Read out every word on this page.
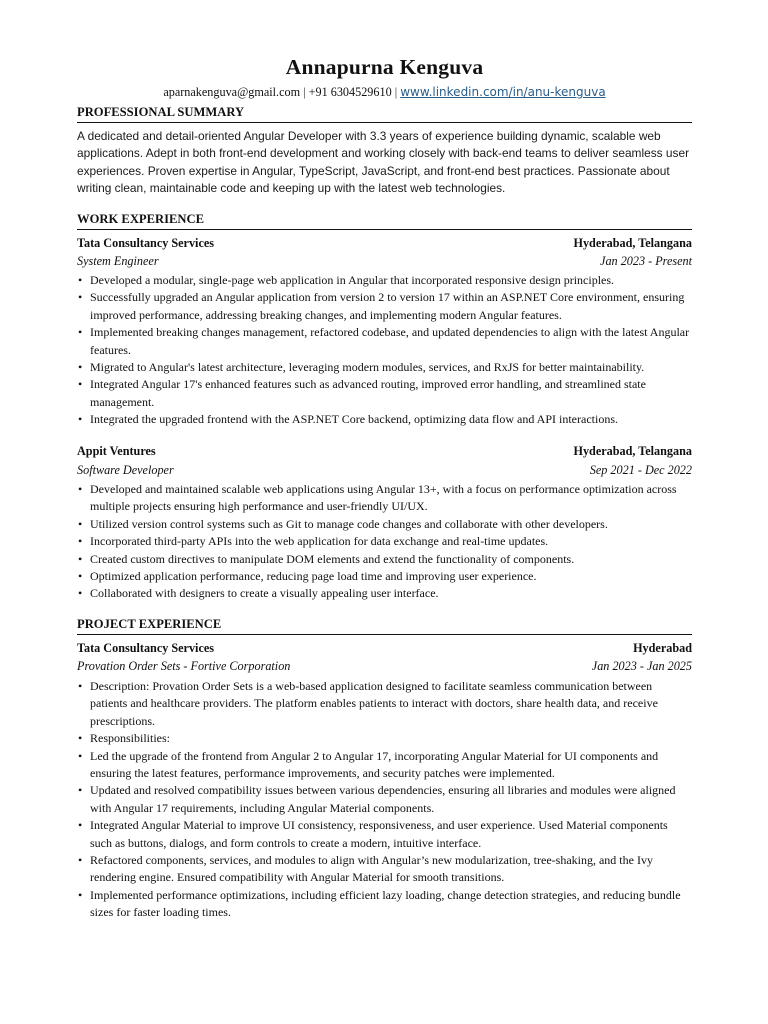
Annapurna Kenguva
aparnakenguva@gmail.com | +91 6304529610 | www.linkedin.com/in/anu-kenguva
PROFESSIONAL SUMMARY
A dedicated and detail-oriented Angular Developer with 3.3 years of experience building dynamic, scalable web applications. Adept in both front-end development and working closely with back-end teams to deliver seamless user experiences. Proven expertise in Angular, TypeScript, JavaScript, and front-end best practices. Passionate about writing clean, maintainable code and keeping up with the latest web technologies.
WORK EXPERIENCE
Tata Consultancy Services	Hyderabad, Telangana
System Engineer	Jan 2023 - Present
• Developed a modular, single-page web application in Angular that incorporated responsive design principles.
• Successfully upgraded an Angular application from version 2 to version 17 within an ASP.NET Core environment, ensuring improved performance, addressing breaking changes, and implementing modern Angular features.
• Implemented breaking changes management, refactored codebase, and updated dependencies to align with the latest Angular features.
• Migrated to Angular's latest architecture, leveraging modern modules, services, and RxJS for better maintainability.
• Integrated Angular 17's enhanced features such as advanced routing, improved error handling, and streamlined state management.
• Integrated the upgraded frontend with the ASP.NET Core backend, optimizing data flow and API interactions.
Appit Ventures	Hyderabad, Telangana
Software Developer	Sep 2021 - Dec 2022
• Developed and maintained scalable web applications using Angular 13+, with a focus on performance optimization across multiple projects ensuring high performance and user-friendly UI/UX.
• Utilized version control systems such as Git to manage code changes and collaborate with other developers.
• Incorporated third-party APIs into the web application for data exchange and real-time updates.
• Created custom directives to manipulate DOM elements and extend the functionality of components.
• Optimized application performance, reducing page load time and improving user experience.
• Collaborated with designers to create a visually appealing user interface.
PROJECT EXPERIENCE
Tata Consultancy Services	Hyderabad
Provation Order Sets - Fortive Corporation	Jan 2023 - Jan 2025
• Description: Provation Order Sets is a web-based application designed to facilitate seamless communication between patients and healthcare providers. The platform enables patients to interact with doctors, share health data, and receive prescriptions.
• Responsibilities:
• Led the upgrade of the frontend from Angular 2 to Angular 17, incorporating Angular Material for UI components and ensuring the latest features, performance improvements, and security patches were implemented.
• Updated and resolved compatibility issues between various dependencies, ensuring all libraries and modules were aligned with Angular 17 requirements, including Angular Material components.
• Integrated Angular Material to improve UI consistency, responsiveness, and user experience. Used Material components such as buttons, dialogs, and form controls to create a modern, intuitive interface.
• Refactored components, services, and modules to align with Angular’s new modularization, tree-shaking, and the Ivy rendering engine. Ensured compatibility with Angular Material for smooth transitions.
• Implemented performance optimizations, including efficient lazy loading, change detection strategies, and reducing bundle sizes for faster loading times.
